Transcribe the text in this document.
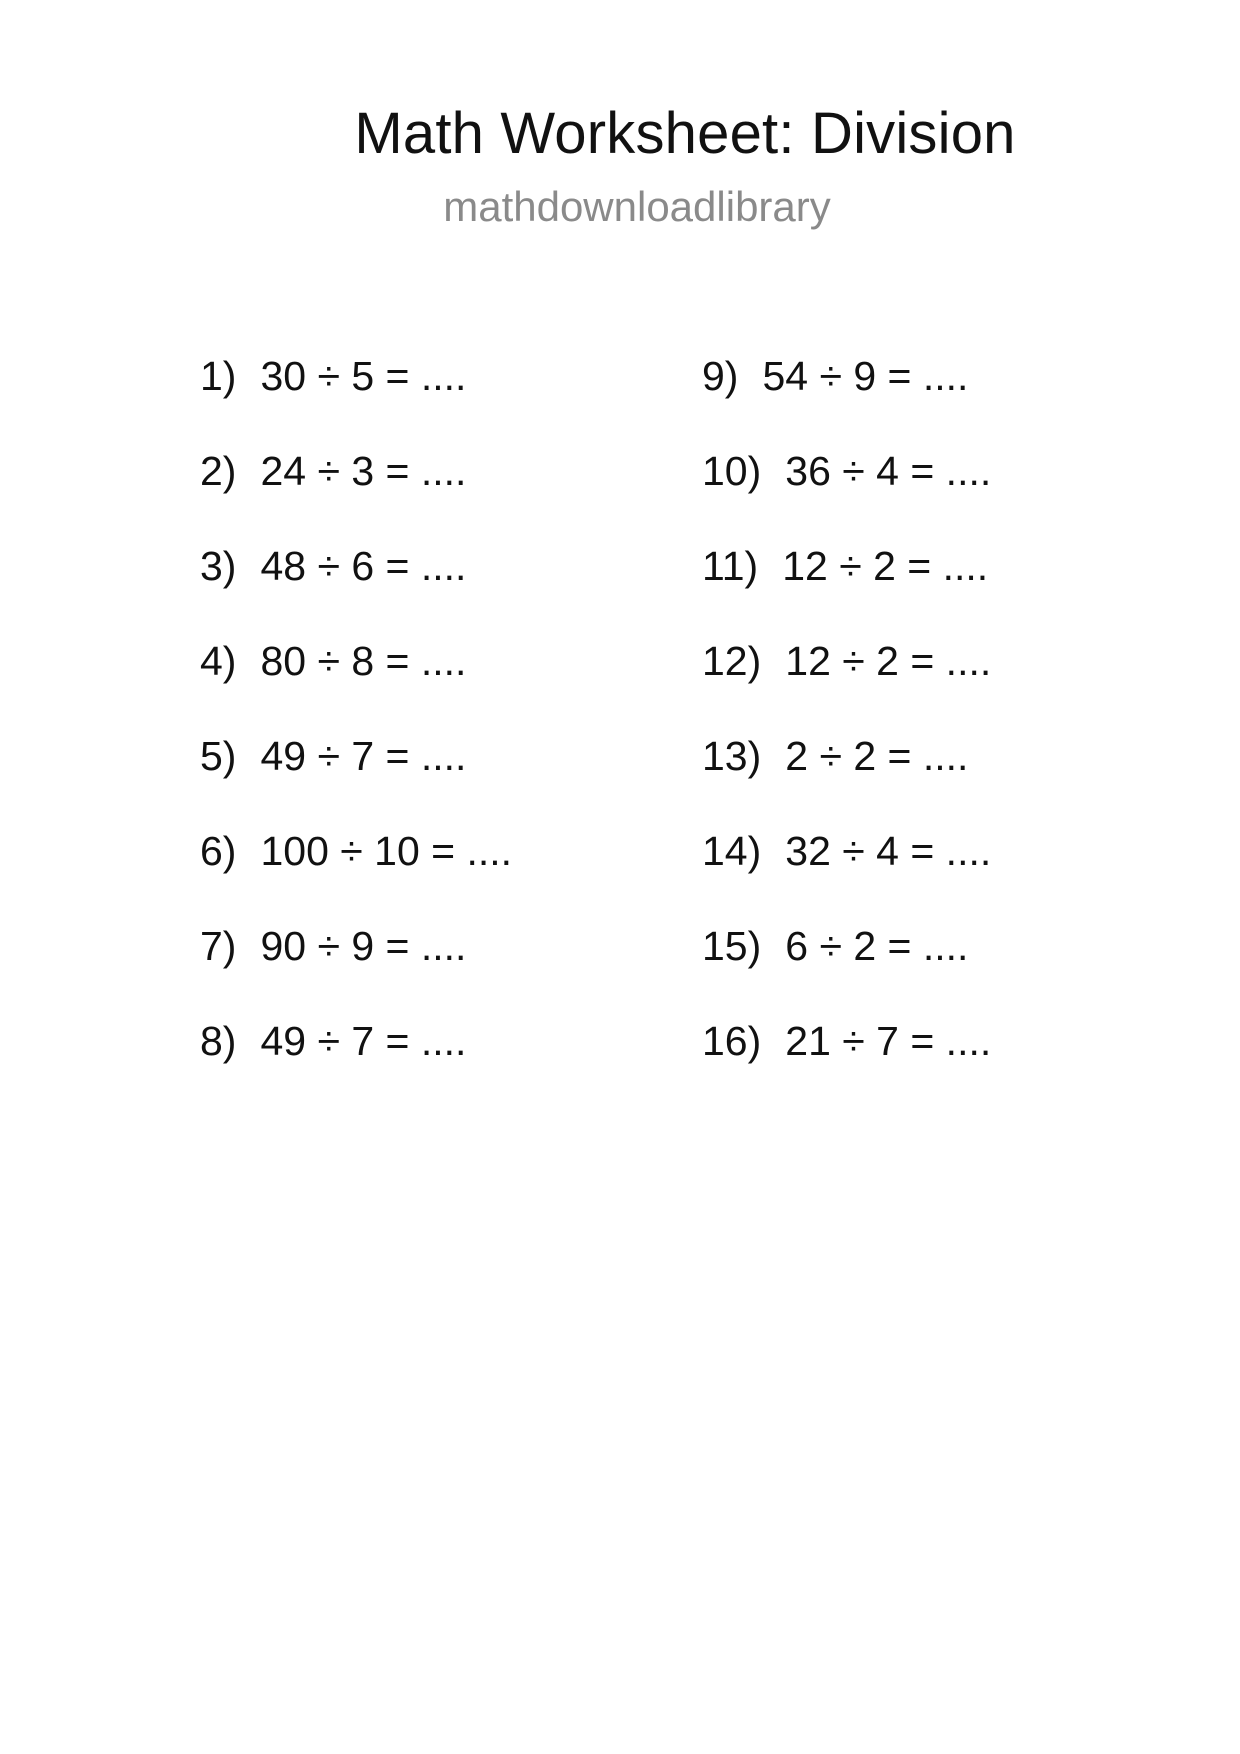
Math Worksheet: Division
mathdownloadlibrary
1) 30 ÷ 5 = ....
2) 24 ÷ 3 = ....
3) 48 ÷ 6 = ....
4) 80 ÷ 8 = ....
5) 49 ÷ 7 = ....
6) 100 ÷ 10 = ....
7) 90 ÷ 9 = ....
8) 49 ÷ 7 = ....
9) 54 ÷ 9 = ....
10) 36 ÷ 4 = ....
11) 12 ÷ 2 = ....
12) 12 ÷ 2 = ....
13) 2 ÷ 2 = ....
14) 32 ÷ 4 = ....
15) 6 ÷ 2 = ....
16) 21 ÷ 7 = ....
